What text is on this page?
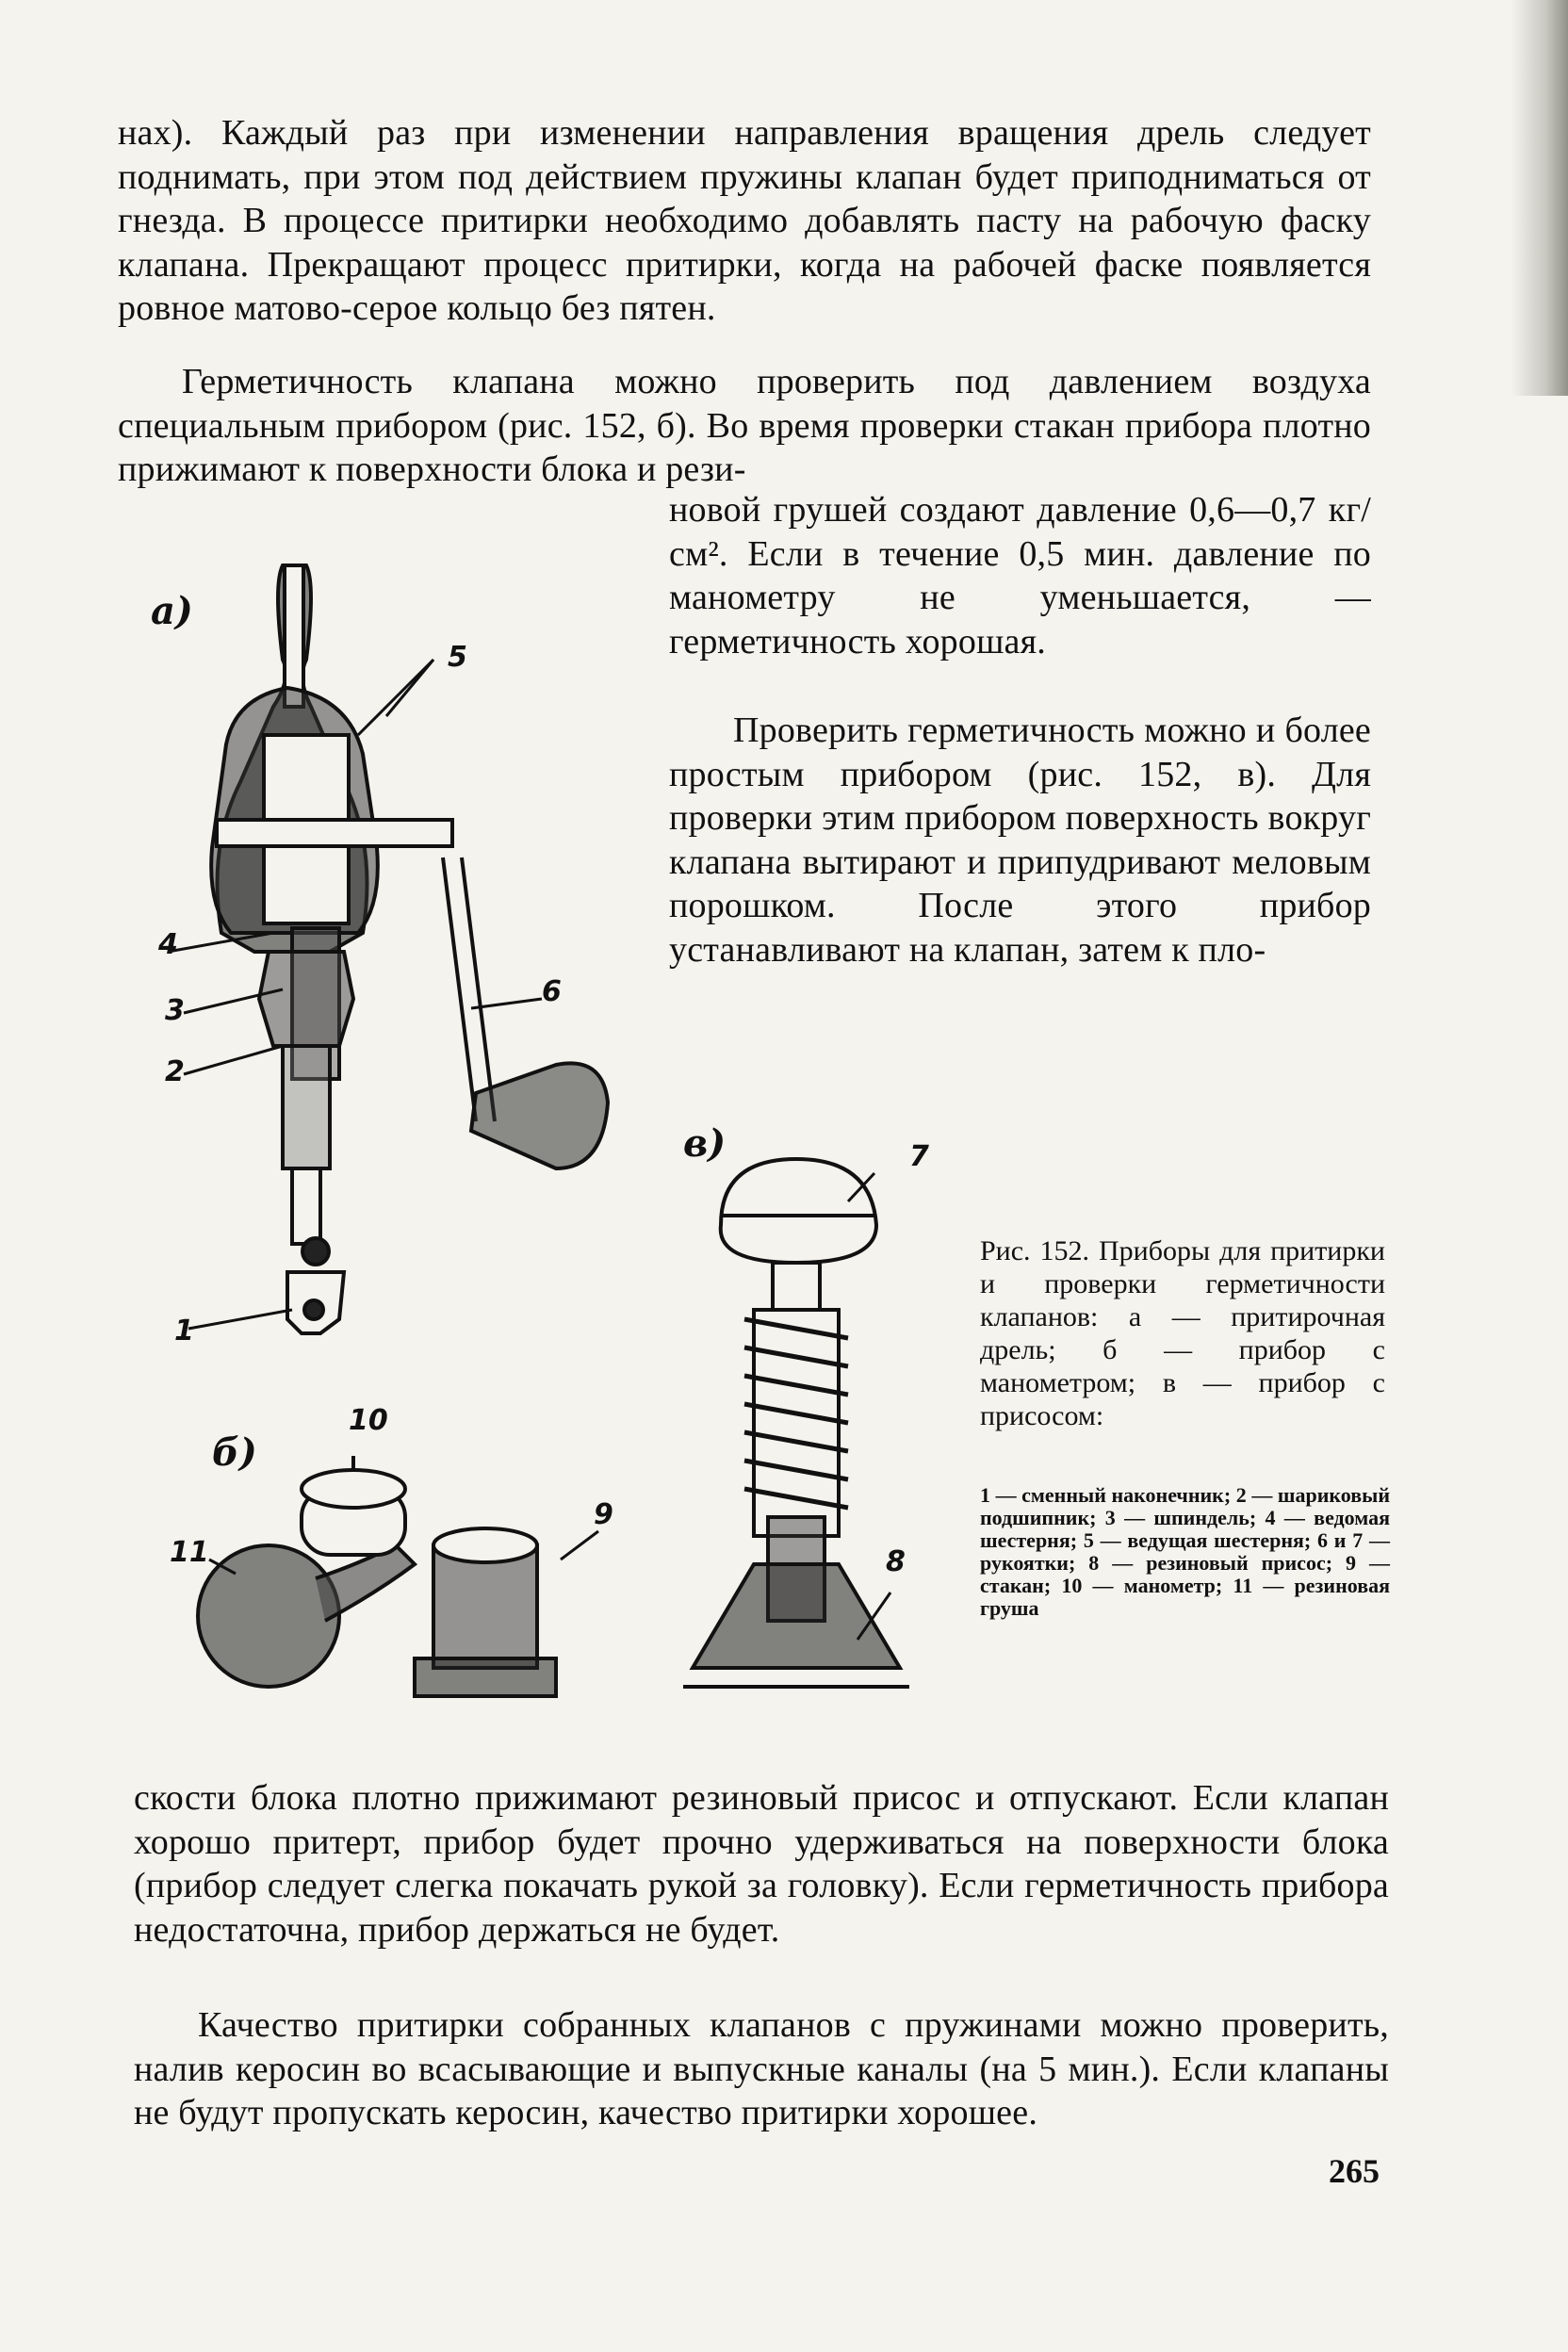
нах). Каждый раз при изменении направления вращения дрель следует поднимать, при этом под действием пружины клапан будет приподниматься от гнезда. В процессе притирки необходимо добавлять пасту на рабочую фаску клапана. Прекращают процесс притирки, когда на рабочей фаске появляется ровное матово-серое кольцо без пятен.

Герметичность клапана можно проверить под давлением воздуха специальным прибором (рис. 152, б). Во время проверки стакан прибора плотно прижимают к поверхности блока и рези-

новой грушей создают давление 0,6—0,7 кг/см². Если в течение 0,5 мин. давление по манометру не уменьшается, — герметичность хорошая.

Проверить герметичность можно и более простым прибором (рис. 152, в). Для проверки этим прибором поверхность вокруг клапана вытирают и припудривают меловым порошком. После этого прибор устанавливают на клапан, затем к пло-

а)
б)
в)
5
4
3
2
1
6
7
8
9
10
11
Рис. 152. Приборы для притирки и проверки герметичности клапанов: а — притирочная дрель; б — прибор с манометром; в — прибор с присосом:
1 — сменный наконечник; 2 — шариковый подшипник; 3 — шпиндель; 4 — ведомая шестерня; 5 — ведущая шестерня; 6 и 7 — рукоятки; 8 — резиновый присос; 9 — стакан; 10 — манометр; 11 — резиновая груша

скости блока плотно прижимают резиновый присос и отпускают. Если клапан хорошо притерт, прибор будет прочно удерживаться на поверхности блока (прибор следует слегка покачать рукой за головку). Если герметичность прибора недостаточна, прибор держаться не будет.

Качество притирки собранных клапанов с пружинами можно проверить, налив керосин во всасывающие и выпускные каналы (на 5 мин.). Если клапаны не будут пропускать керосин, качество притирки хорошее.

265
